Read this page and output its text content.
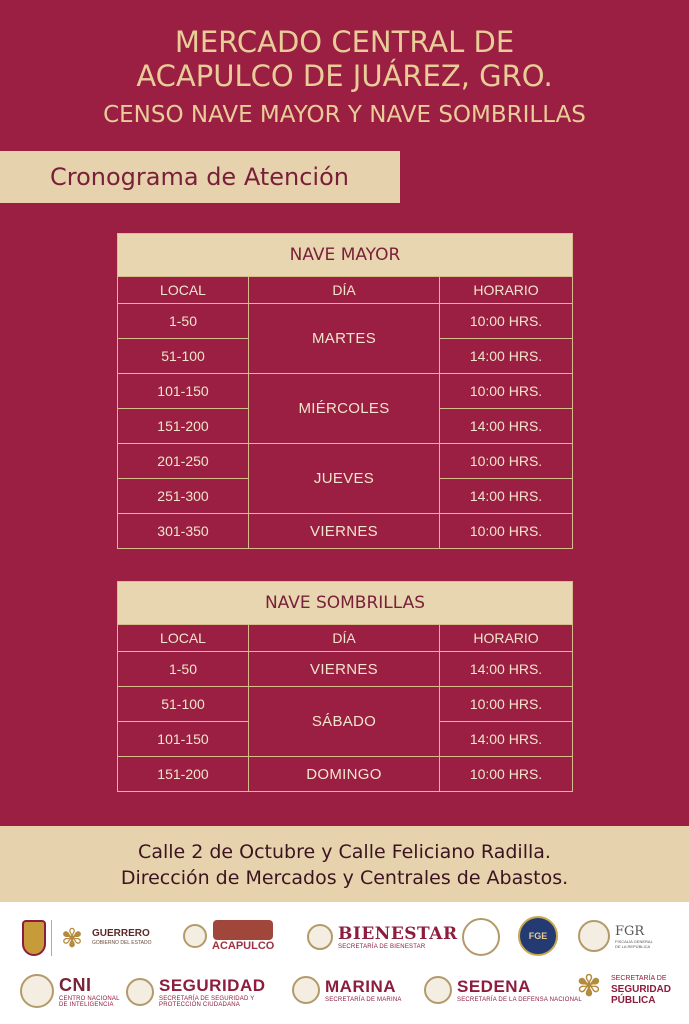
MERCADO CENTRAL DE
ACAPULCO DE JUÁREZ, GRO.
CENSO NAVE MAYOR Y NAVE SOMBRILLAS
Cronograma de Atención
NAVE MAYOR		
LOCAL	DÍA	HORARIO
1-50	MARTES	10:00 HRS.
51-100		14:00 HRS.
101-150	MIÉRCOLES	10:00 HRS.
151-200		14:00 HRS.
201-250	JUEVES	10:00 HRS.
251-300		14:00 HRS.
301-350	VIERNES	10:00 HRS.
NAVE SOMBRILLAS		
LOCAL	DÍA	HORARIO
1-50	VIERNES	14:00 HRS.
51-100	SÁBADO	10:00 HRS.
101-150		14:00 HRS.
151-200	DOMINGO	10:00 HRS.
Calle 2 de Octubre y Calle Feliciano Radilla.
Dirección de Mercados y Centrales de Abastos.
✾ GUERRERO
GOBIERNO DEL ESTADO	ACAPULCO
BIENESTAR
SECRETARÍA DE BIENESTAR
FGE	FGR
FISCALÍA GENERAL DE LA REPÚBLICA
CNI
CENTRO NACIONAL DE INTELIGENCIA
SEGURIDAD
SECRETARÍA DE SEGURIDAD Y PROTECCIÓN CIUDADANA
MARINA
SECRETARÍA DE MARINA
SEDENA
SECRETARÍA DE LA DEFENSA NACIONAL
✾	SECRETARÍA DE
SEGURIDAD
PÚBLICA
